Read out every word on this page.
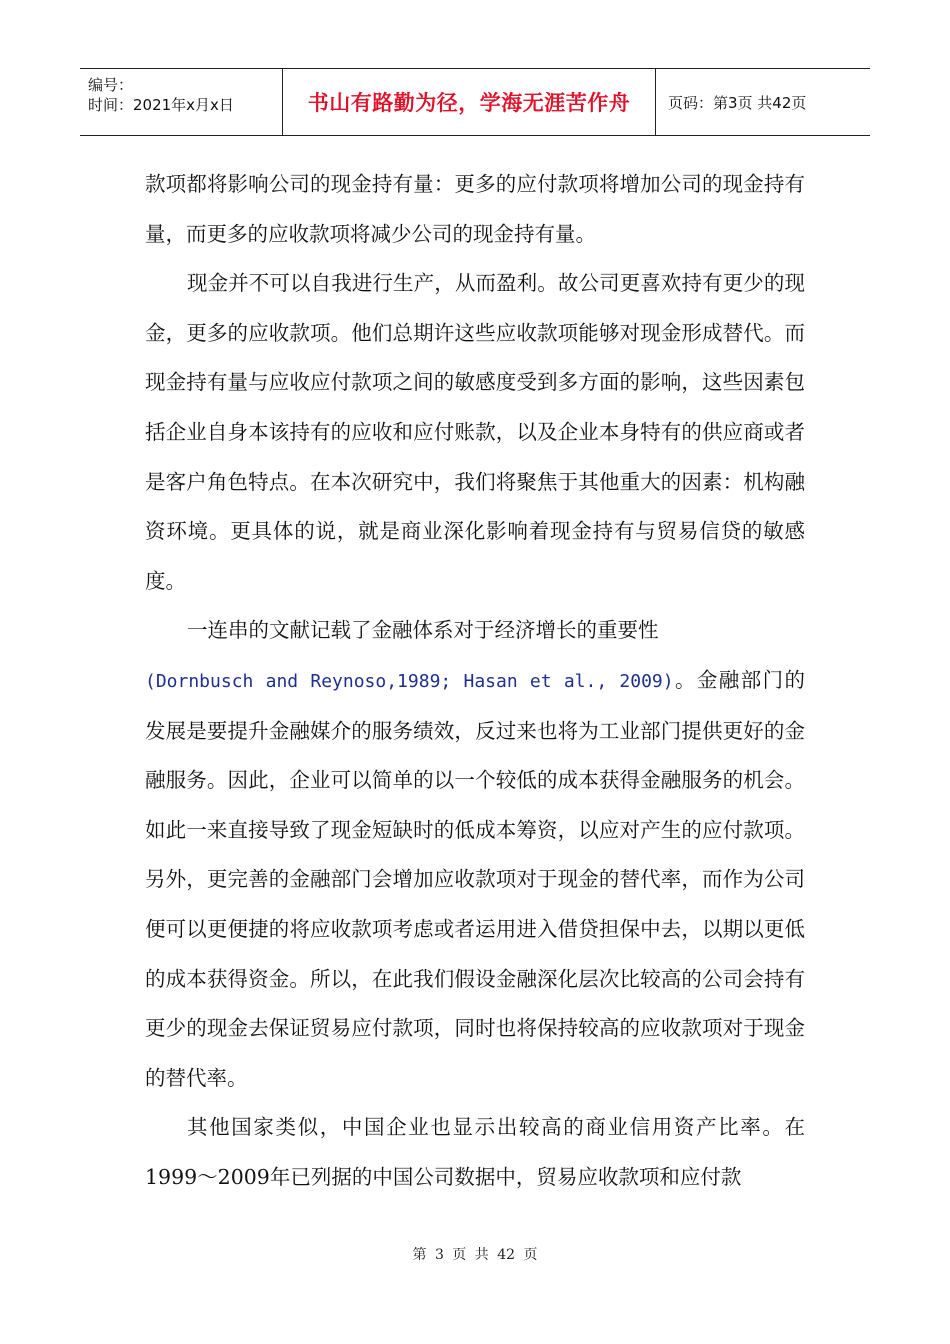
编号：
时间：2021年x月x日	书山有路勤为径，学海无涯苦作舟	页码：第3页 共42页

款项都将影响公司的现金持有量：更多的应付款项将增加公司的现金持有量，而更多的应收款项将减少公司的现金持有量。

现金并不可以自我进行生产，从而盈利。故公司更喜欢持有更少的现金，更多的应收款项。他们总期许这些应收款项能够对现金形成替代。而现金持有量与应收应付款项之间的敏感度受到多方面的影响，这些因素包括企业自身本该持有的应收和应付账款，以及企业本身特有的供应商或者是客户角色特点。在本次研究中，我们将聚焦于其他重大的因素：机构融资环境。更具体的说，就是商业深化影响着现金持有与贸易信贷的敏感度。

一连串的文献记载了金融体系对于经济增长的重要性
(Dornbusch and Reynoso,1989; Hasan et al., 2009)。金融部门的发展是要提升金融媒介的服务绩效，反过来也将为工业部门提供更好的金融服务。因此，企业可以简单的以一个较低的成本获得金融服务的机会。如此一来直接导致了现金短缺时的低成本筹资，以应对产生的应付款项。另外，更完善的金融部门会增加应收款项对于现金的替代率，而作为公司便可以更便捷的将应收款项考虑或者运用进入借贷担保中去，以期以更低的成本获得资金。所以，在此我们假设金融深化层次比较高的公司会持有更少的现金去保证贸易应付款项，同时也将保持较高的应收款项对于现金的替代率。

其他国家类似，中国企业也显示出较高的商业信用资产比率。在1999～2009年已列据的中国公司数据中，贸易应收款项和应付款

第 3 页 共 42 页
